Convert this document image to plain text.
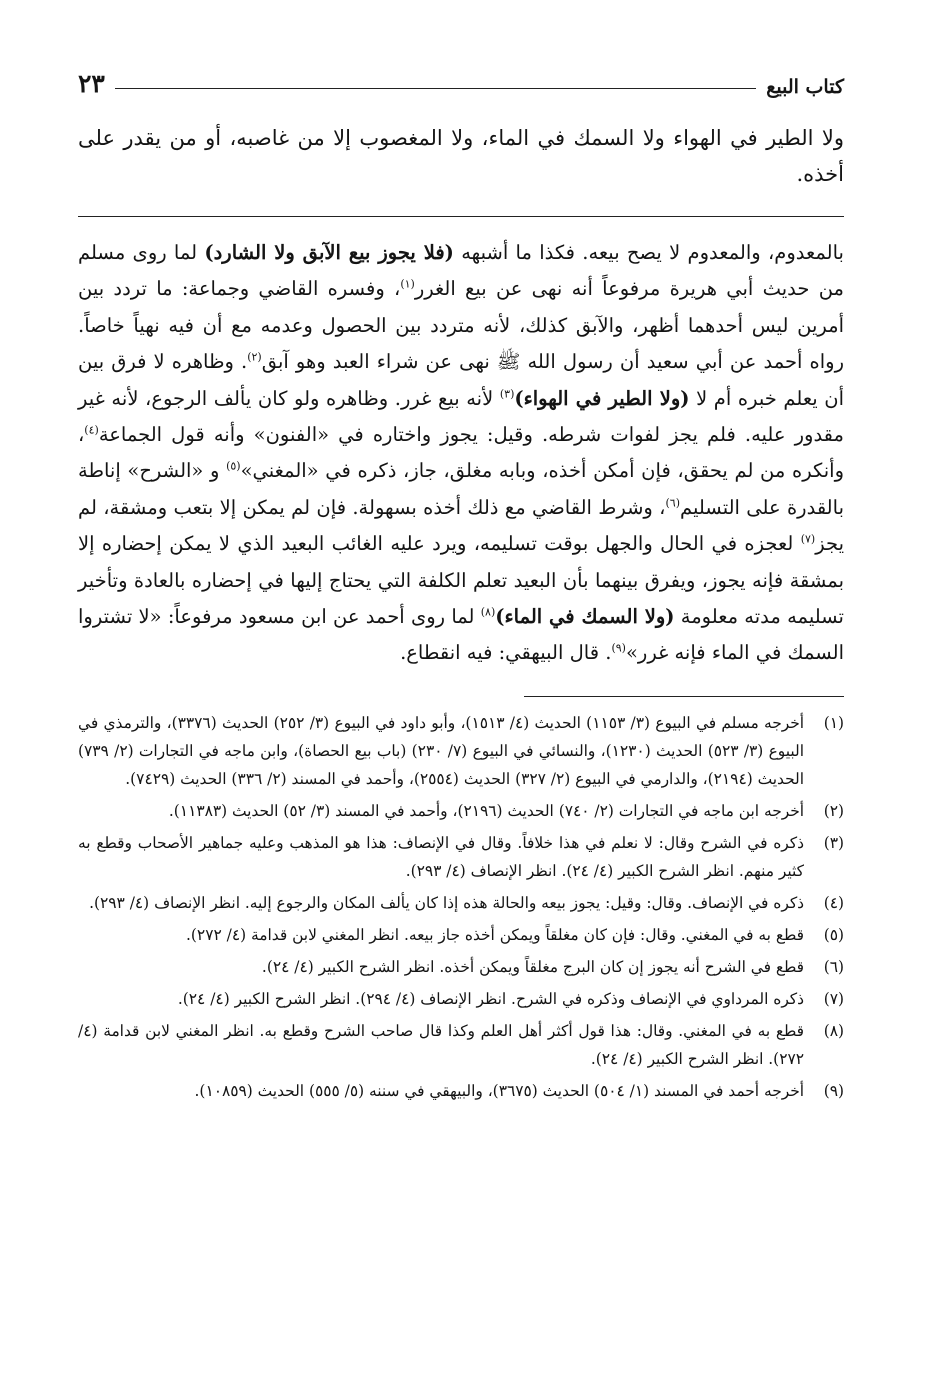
كتاب البيع
٢٣

ولا الطير في الهواء ولا السمك في الماء، ولا المغصوب إلا من غاصبه، أو من يقدر على أخذه.

بالمعدوم، والمعدوم لا يصح بيعه. فكذا ما أشبهه (فلا يجوز بيع الآبق ولا الشارد) لما روى مسلم من حديث أبي هريرة مرفوعاً أنه نهى عن بيع الغرر$^{(١)}$، وفسره القاضي وجماعة: ما تردد بين أمرين ليس أحدهما أظهر، والآبق كذلك، لأنه متردد بين الحصول وعدمه مع أن فيه نهياً خاصاً. رواه أحمد عن أبي سعيد أن رسول الله ﷺ نهى عن شراء العبد وهو آبق$^{(٢)}$. وظاهره لا فرق بين أن يعلم خبره أم لا (ولا الطير في الهواء)$^{(٣)}$ لأنه بيع غرر. وظاهره ولو كان يألف الرجوع، لأنه غير مقدور عليه. فلم يجز لفوات شرطه. وقيل: يجوز واختاره في «الفنون» وأنه قول الجماعة$^{(٤)}$، وأنكره من لم يحقق، فإن أمكن أخذه، وبابه مغلق، جاز، ذكره في «المغني»$^{(٥)}$ و «الشرح» إناطة بالقدرة على التسليم$^{(٦)}$، وشرط القاضي مع ذلك أخذه بسهولة. فإن لم يمكن إلا بتعب ومشقة، لم يجز$^{(٧)}$ لعجزه في الحال والجهل بوقت تسليمه، ويرد عليه الغائب البعيد الذي لا يمكن إحضاره إلا بمشقة فإنه يجوز، ويفرق بينهما بأن البعيد تعلم الكلفة التي يحتاج إليها في إحضاره بالعادة وتأخير تسليمه مدته معلومة (ولا السمك في الماء)$^{(٨)}$ لما روى أحمد عن ابن مسعود مرفوعاً: «لا تشتروا السمك في الماء فإنه غرر»$^{(٩)}$. قال البيهقي: فيه انقطاع.

(١)
أخرجه مسلم في البيوع (٣/ ١١٥٣) الحديث (٤/ ١٥١٣)، وأبو داود في البيوع (٣/ ٢٥٢) الحديث (٣٣٧٦)، والترمذي في البيوع (٣/ ٥٢٣) الحديث (١٢٣٠)، والنسائي في البيوع (٧/ ٢٣٠) (باب بيع الحصاة)، وابن ماجه في التجارات (٢/ ٧٣٩) الحديث (٢١٩٤)، والدارمي في البيوع (٢/ ٣٢٧) الحديث (٢٥٥٤)، وأحمد في المسند (٢/ ٣٣٦) الحديث (٧٤٢٩).
(٢)
أخرجه ابن ماجه في التجارات (٢/ ٧٤٠) الحديث (٢١٩٦)، وأحمد في المسند (٣/ ٥٢) الحديث (١١٣٨٣).
(٣)
ذكره في الشرح وقال: لا نعلم في هذا خلافاً. وقال في الإنصاف: هذا هو المذهب وعليه جماهير الأصحاب وقطع به كثير منهم. انظر الشرح الكبير (٤/ ٢٤). انظر الإنصاف (٤/ ٢٩٣).
(٤)
ذكره في الإنصاف. وقال: وقيل: يجوز بيعه والحالة هذه إذا كان يألف المكان والرجوع إليه. انظر الإنصاف (٤/ ٢٩٣).
(٥)
قطع به في المغني. وقال: فإن كان مغلقاً ويمكن أخذه جاز بيعه. انظر المغني لابن قدامة (٤/ ٢٧٢).
(٦)
قطع في الشرح أنه يجوز إن كان البرج مغلقاً ويمكن أخذه. انظر الشرح الكبير (٤/ ٢٤).
(٧)
ذكره المرداوي في الإنصاف وذكره في الشرح. انظر الإنصاف (٤/ ٢٩٤). انظر الشرح الكبير (٤/ ٢٤).
(٨)
قطع به في المغني. وقال: هذا قول أكثر أهل العلم وكذا قال صاحب الشرح وقطع به. انظر المغني لابن قدامة (٤/ ٢٧٢). انظر الشرح الكبير (٤/ ٢٤).
(٩)
أخرجه أحمد في المسند (١/ ٥٠٤) الحديث (٣٦٧٥)، والبيهقي في سننه (٥/ ٥٥٥) الحديث (١٠٨٥٩).
